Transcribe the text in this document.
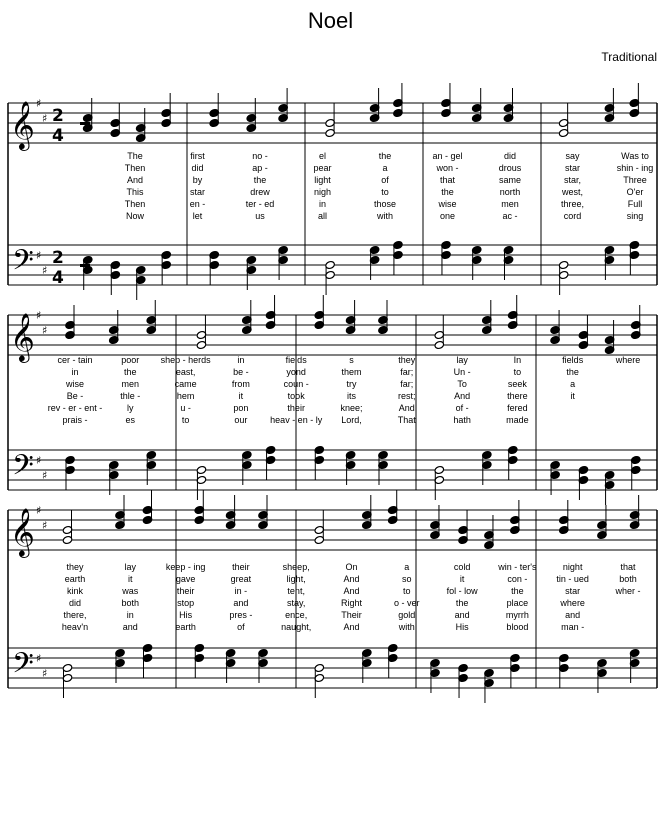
Noel
Traditional
𝄞
𝄢
♯
♯
♯
♯
2
4
2
4
𝄞
𝄢
♯
♯
♯
♯
𝄞
𝄢
♯
♯
♯
♯
The	first	no -	el	the	an - gel	did	say	Was to
Then	did	ap -	pear	a	won -	drous	star	shin - ing
And	by	the	light	of	that	same	star,	Three
This	star	drew	nigh	to	the	north	west,	O'er
Then	en -	ter - ed	in	those	wise	men	three,	Full
Now	let	us	all	with	one	ac -	cord	sing
cer - tain	poor shep - herds	in	fields	s	they	lay	In	fields	where
in	the	east,	be -	yond	them	far;	Un -	to	the
wise	men	came	from	coun -	try	far;	To	seek	a
Be -	thle -	hem	it	took	its	rest;	And	there	it
rev - er - ent -	ly	u -	pon	their	knee;	And	of -	fered
prais -	es	to	our	heav - en - ly Lord,	That	hath	made
they	lay	keep - ing	their	sheep,	On	a	cold	win - ter's	night	that
earth	it	gave	great	light,	And	so	it	con -	tin - ued	both
kink	was	their	in -	tent,	And	to	fol - low	the	star	wher -
did	both	stop	and	stay,	Right	o - ver	the	place	where
there,	in	His	pres -	ence,	Their	gold	and	myrrh	and
heav'n	and	earth	of	naught,	And	with	His	blood	man -
